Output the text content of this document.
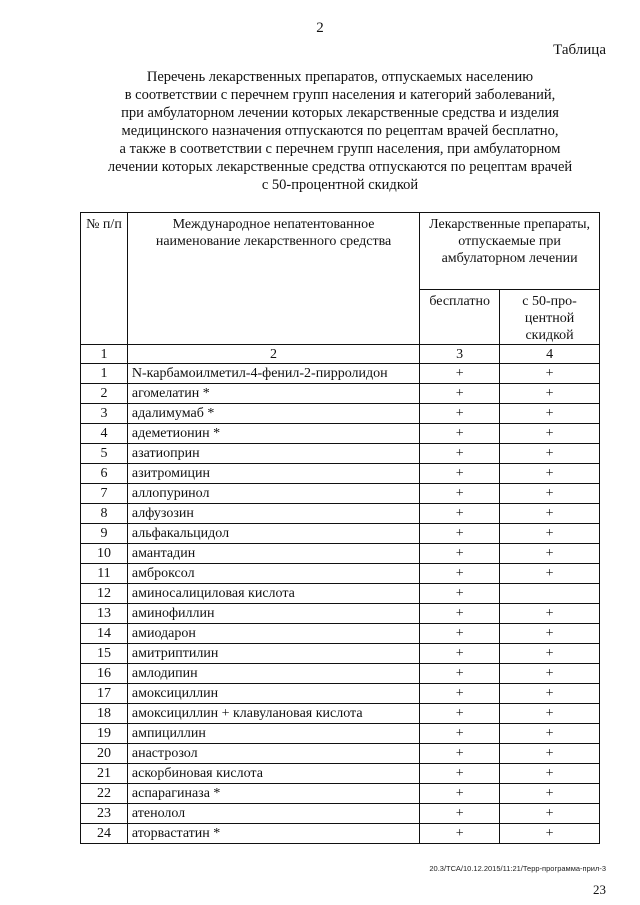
2
Таблица
Перечень лекарственных препаратов, отпускаемых населению
в соответствии с перечнем групп населения и категорий заболеваний,
при амбулаторном лечении которых лекарственные средства и изделия
медицинского назначения отпускаются по рецептам врачей бесплатно,
а также в соответствии с перечнем групп населения, при амбулаторном
лечении которых лекарственные средства отпускаются по рецептам врачей
с 50-процентной скидкой
№ п/п	Международное непатентованное наименование лекарственного средства	Лекарственные препараты, отпускаемые при амбулаторном лечении	
		бесплатно	с 50-про-центной скидкой
1	2	3	4
1	N-карбамоилметил-4-фенил-2-пирролидон	+	+
2	агомелатин *	+	+
3	адалимумаб *	+	+
4	адеметионин *	+	+
5	азатиоприн	+	+
6	азитромицин	+	+
7	аллопуринол	+	+
8	алфузозин	+	+
9	альфакальцидол	+	+
10	амантадин	+	+
11	амброксол	+	+
12	аминосалициловая кислота	+	
13	аминофиллин	+	+
14	амиодарон	+	+
15	амитриптилин	+	+
16	амлодипин	+	+
17	амоксициллин	+	+
18	амоксициллин + клавулановая кислота	+	+
19	ампициллин	+	+
20	анастрозол	+	+
21	аскорбиновая кислота	+	+
22	аспарагиназа *	+	+
23	атенолол	+	+
24	аторвастатин *	+	+
20.3/ТСА/10.12.2015/11:21/Терр-программа-прил-3
23
